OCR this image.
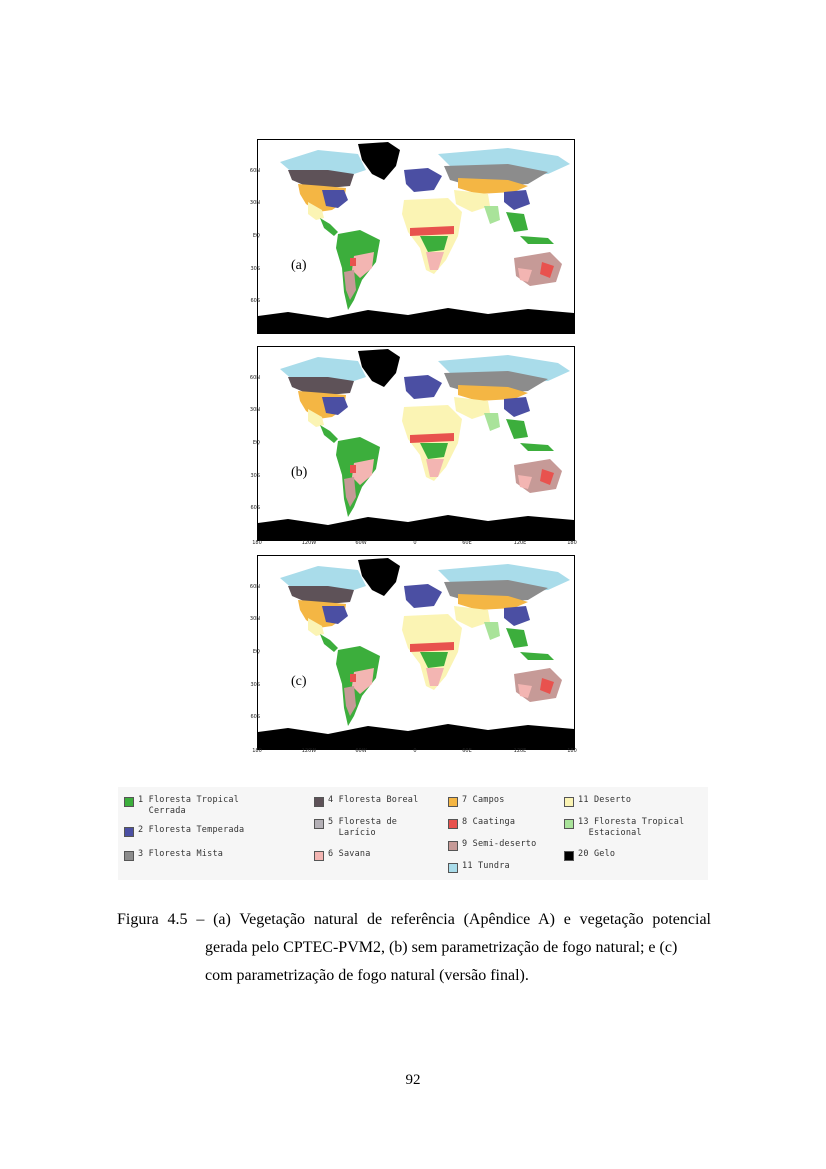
(a)
60N
30N
EQ
30S
60S
(b)
60N
30N
EQ
30S
60S
180	120W	60W	0	60E	120E	180
(c)
60N
30N
EQ
30S
60S
180	120W	60W	0	60E	120E	180
1 Floresta Tropical
Cerrada
2 Floresta Temperada
3 Floresta Mista
4 Floresta Boreal
5 Floresta de
Larício
6 Savana
7 Campos
8 Caatinga
9 Semi-deserto
11 Tundra
11 Deserto
13 Floresta Tropical
Estacional
20 Gelo
Figura 4.5 – (a) Vegetação natural de referência (Apêndice A) e vegetação potencial
gerada pelo CPTEC-PVM2, (b) sem parametrização de fogo natural; e (c)
com parametrização de fogo natural (versão final).
92
